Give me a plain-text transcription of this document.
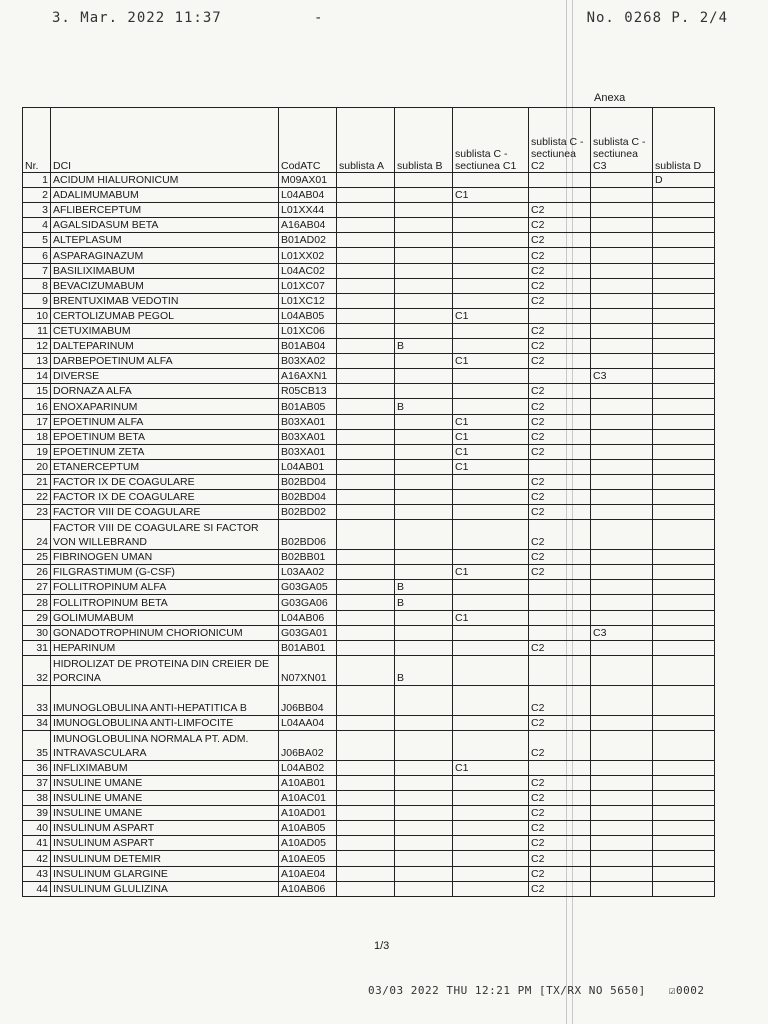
3. Mar. 2022 11:37	-	No. 0268 P. 2/4
Anexa
Nr.	DCI	CodATC	sublista A	sublista B	sublista C - sectiunea C1	sublista C - sectiunea C2	sublista C - sectiunea C3	sublista D
1	ACIDUM HIALURONICUM	M09AX01						D
2	ADALIMUMABUM	L04AB04			C1			
3	AFLIBERCEPTUM	L01XX44				C2		
4	AGALSIDASUM BETA	A16AB04				C2		
5	ALTEPLASUM	B01AD02				C2		
6	ASPARAGINAZUM	L01XX02				C2		
7	BASILIXIMABUM	L04AC02				C2		
8	BEVACIZUMABUM	L01XC07				C2		
9	BRENTUXIMAB VEDOTIN	L01XC12				C2		
10	CERTOLIZUMAB PEGOL	L04AB05			C1			
11	CETUXIMABUM	L01XC06				C2		
12	DALTEPARINUM	B01AB04		B		C2		
13	DARBEPOETINUM ALFA	B03XA02			C1	C2		
14	DIVERSE	A16AXN1					C3	
15	DORNAZA ALFA	R05CB13				C2		
16	ENOXAPARINUM	B01AB05		B		C2		
17	EPOETINUM ALFA	B03XA01			C1	C2		
18	EPOETINUM BETA	B03XA01			C1	C2		
19	EPOETINUM ZETA	B03XA01			C1	C2		
20	ETANERCEPTUM	L04AB01			C1			
21	FACTOR IX DE COAGULARE	B02BD04				C2		
22	FACTOR IX DE COAGULARE	B02BD04				C2		
23	FACTOR VIII DE COAGULARE	B02BD02				C2		
24	FACTOR VIII DE COAGULARE SI FACTOR VON WILLEBRAND	B02BD06				C2		
25	FIBRINOGEN UMAN	B02BB01				C2		
26	FILGRASTIMUM (G-CSF)	L03AA02			C1	C2		
27	FOLLITROPINUM ALFA	G03GA05		B				
28	FOLLITROPINUM BETA	G03GA06		B				
29	GOLIMUMABUM	L04AB06			C1			
30	GONADOTROPHINUM CHORIONICUM	G03GA01					C3	
31	HEPARINUM	B01AB01				C2		
32	HIDROLIZAT DE PROTEINA DIN CREIER DE PORCINA	N07XN01		B				
33	IMUNOGLOBULINA ANTI-HEPATITICA B	J06BB04				C2		
34	IMUNOGLOBULINA ANTI-LIMFOCITE	L04AA04				C2		
35	IMUNOGLOBULINA NORMALA PT. ADM. INTRAVASCULARA	J06BA02				C2		
36	INFLIXIMABUM	L04AB02			C1			
37	INSULINE UMANE	A10AB01				C2		
38	INSULINE UMANE	A10AC01				C2		
39	INSULINE UMANE	A10AD01				C2		
40	INSULINUM ASPART	A10AB05				C2		
41	INSULINUM ASPART	A10AD05				C2		
42	INSULINUM DETEMIR	A10AE05				C2		
43	INSULINUM GLARGINE	A10AE04				C2		
44	INSULINUM GLULIZINA	A10AB06				C2		
1/3
03/03 2022 THU 12:21 PM [TX/RX NO 5650] ☑0002
